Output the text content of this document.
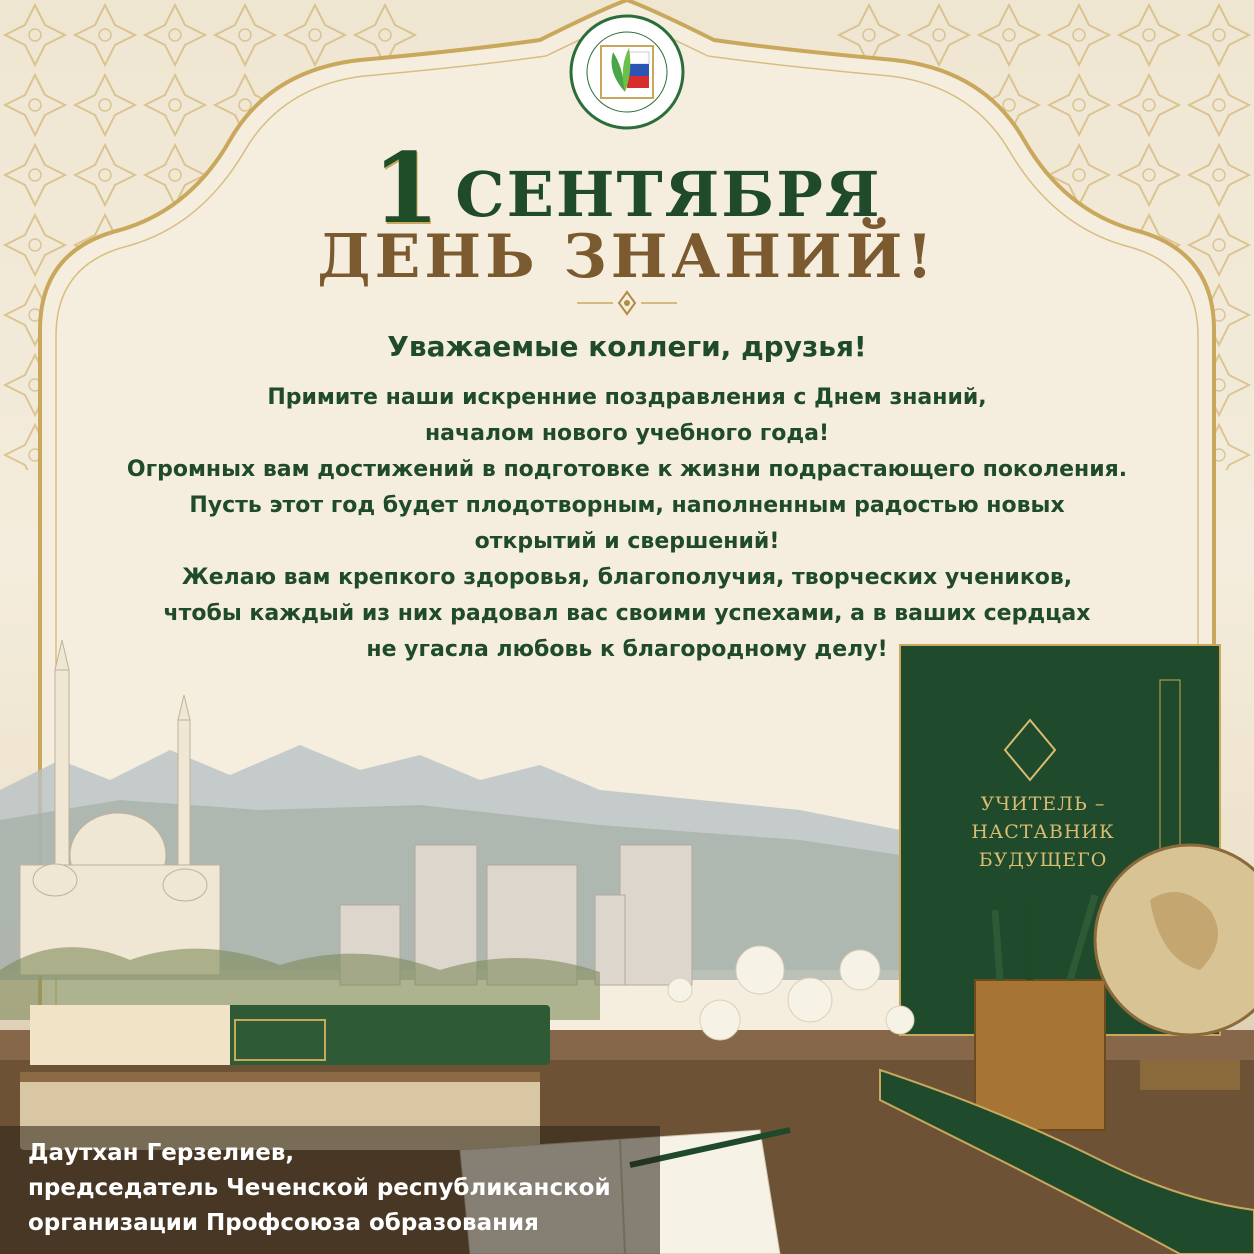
1 СЕНТЯБРЯ
ДЕНЬ ЗНАНИЙ!
Уважаемые коллеги, друзья!
Примите наши искренние поздравления с Днем знаний,
началом нового учебного года!
Огромных вам достижений в подготовке к жизни подрастающего поколения.
Пусть этот год будет плодотворным, наполненным радостью новых
открытий и свершений!
Желаю вам крепкого здоровья, благополучия, творческих учеников,
чтобы каждый из них радовал вас своими успехами, а в ваших сердцах
не угасла любовь к благородному делу!
УЧИТЕЛЬ –
НАСТАВНИК
БУДУЩЕГО
Даутхан Герзелиев,
председатель Чеченской республиканской
организации Профсоюза образования
